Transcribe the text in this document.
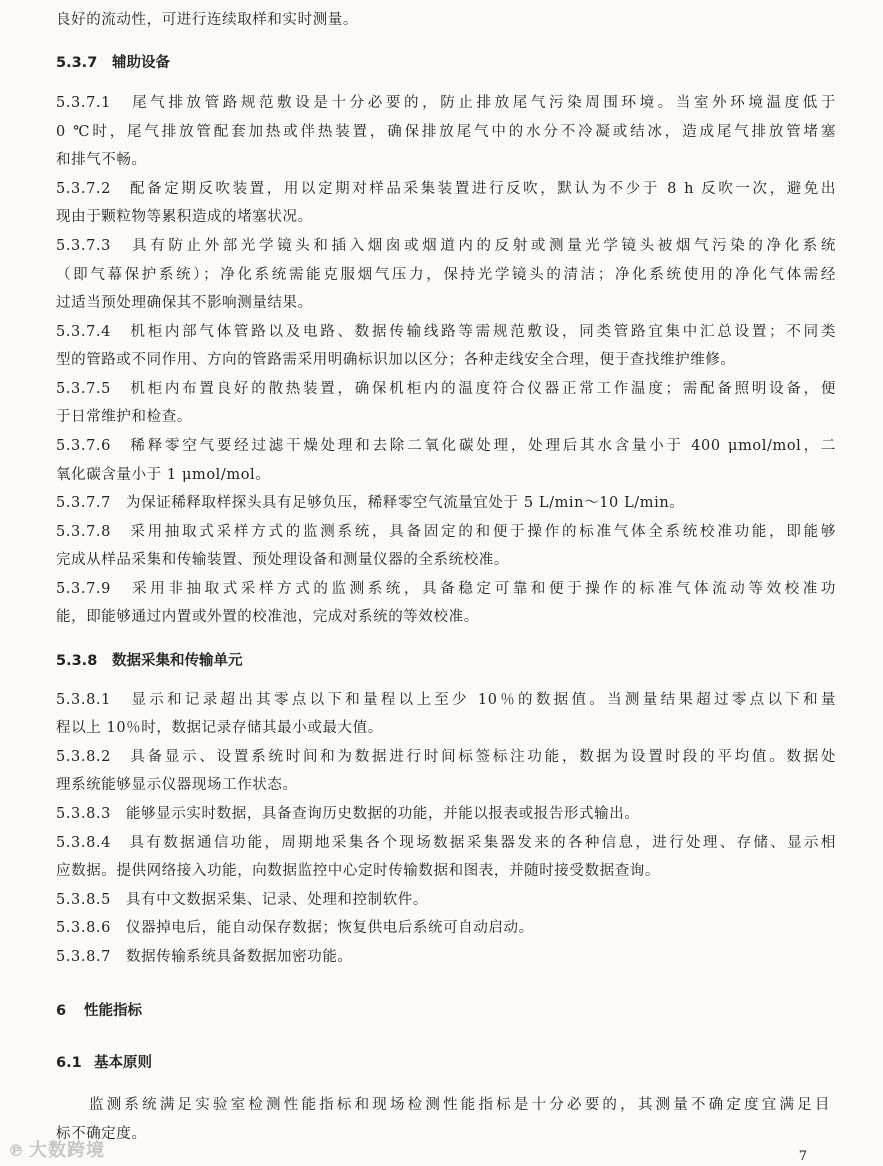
良好的流动性，可进行连续取样和实时测量。
5.3.7 辅助设备
5.3.7.1　尾气排放管路规范敷设是十分必要的，防止排放尾气污染周围环境。当室外环境温度低于
0 ℃时，尾气排放管配套加热或伴热装置，确保排放尾气中的水分不冷凝或结冰，造成尾气排放管堵塞
和排气不畅。
5.3.7.2　配备定期反吹装置，用以定期对样品采集装置进行反吹，默认为不少于 8 h 反吹一次，避免出
现由于颗粒物等累积造成的堵塞状况。
5.3.7.3　具有防止外部光学镜头和插入烟囱或烟道内的反射或测量光学镜头被烟气污染的净化系统
（即气幕保护系统）；净化系统需能克服烟气压力，保持光学镜头的清洁；净化系统使用的净化气体需经
过适当预处理确保其不影响测量结果。
5.3.7.4　机柜内部气体管路以及电路、数据传输线路等需规范敷设，同类管路宜集中汇总设置；不同类
型的管路或不同作用、方向的管路需采用明确标识加以区分；各种走线安全合理，便于查找维护维修。
5.3.7.5　机柜内布置良好的散热装置，确保机柜内的温度符合仪器正常工作温度；需配备照明设备，便
于日常维护和检查。
5.3.7.6　稀释零空气要经过滤干燥处理和去除二氧化碳处理，处理后其水含量小于 400 μmol/mol，二
氧化碳含量小于 1 μmol/mol。
5.3.7.7　为保证稀释取样探头具有足够负压，稀释零空气流量宜处于 5 L/min～10 L/min。
5.3.7.8　采用抽取式采样方式的监测系统，具备固定的和便于操作的标准气体全系统校准功能，即能够
完成从样品采集和传输装置、预处理设备和测量仪器的全系统校准。
5.3.7.9　采用非抽取式采样方式的监测系统，具备稳定可靠和便于操作的标准气体流动等效校准功
能，即能够通过内置或外置的校准池，完成对系统的等效校准。
5.3.8 数据采集和传输单元
5.3.8.1　显示和记录超出其零点以下和量程以上至少 10％的数据值。当测量结果超过零点以下和量
程以上 10％时，数据记录存储其最小或最大值。
5.3.8.2　具备显示、设置系统时间和为数据进行时间标签标注功能，数据为设置时段的平均值。数据处
理系统能够显示仪器现场工作状态。
5.3.8.3　能够显示实时数据，具备查询历史数据的功能，并能以报表或报告形式输出。
5.3.8.4　具有数据通信功能，周期地采集各个现场数据采集器发来的各种信息，进行处理、存储、显示相
应数据。提供网络接入功能，向数据监控中心定时传输数据和图表，并随时接受数据查询。
5.3.8.5　具有中文数据采集、记录、处理和控制软件。
5.3.8.6　仪器掉电后，能自动保存数据；恢复供电后系统可自动启动。
5.3.8.7　数据传输系统具备数据加密功能。
6 性能指标
6.1 基本原则
监测系统满足实验室检测性能指标和现场检测性能指标是十分必要的，其测量不确定度宜满足目
标不确定度。
7
℗ 大数跨境
